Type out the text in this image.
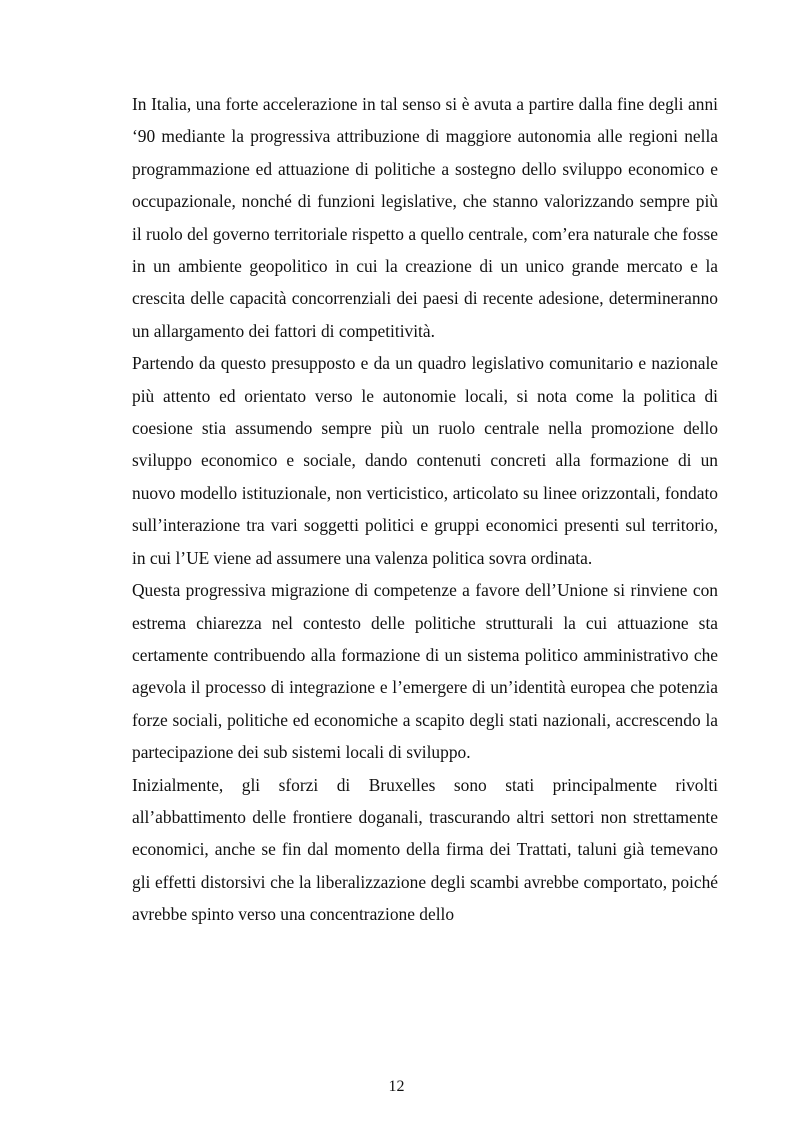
In Italia, una forte accelerazione in tal senso si è avuta a partire dalla fine degli anni ‘90 mediante la progressiva attribuzione di maggiore autonomia alle regioni nella programmazione ed attuazione di politiche a sostegno dello sviluppo economico e occupazionale, nonché di funzioni legislative, che stanno valorizzando sempre più il ruolo del governo territoriale rispetto a quello centrale, com’era naturale che fosse in un ambiente geopolitico in cui la creazione di un unico grande mercato e la crescita delle capacità concorrenziali dei paesi di recente adesione, determineranno un allargamento dei fattori di competitività.

Partendo da questo presupposto e da un quadro legislativo comunitario e nazionale più attento ed orientato verso le autonomie locali, si nota come la politica di coesione stia assumendo sempre più un ruolo centrale nella promozione dello sviluppo economico e sociale, dando contenuti concreti alla formazione di un nuovo modello istituzionale, non verticistico, articolato su linee orizzontali, fondato sull’interazione tra vari soggetti politici e gruppi economici presenti sul territorio, in cui l’UE viene ad assumere una valenza politica sovra ordinata.

Questa progressiva migrazione di competenze a favore dell’Unione si rinviene con estrema chiarezza nel contesto delle politiche strutturali la cui attuazione sta certamente contribuendo alla formazione di un sistema politico amministrativo che agevola il processo di integrazione e l’emergere di un’identità europea che potenzia forze sociali, politiche ed economiche a scapito degli stati nazionali, accrescendo la partecipazione dei sub sistemi locali di sviluppo.

Inizialmente, gli sforzi di Bruxelles sono stati principalmente rivolti all’abbattimento delle frontiere doganali, trascurando altri settori non strettamente economici, anche se fin dal momento della firma dei Trattati, taluni già temevano gli effetti distorsivi che la liberalizzazione degli scambi avrebbe comportato, poiché avrebbe spinto verso una concentrazione dello

12
